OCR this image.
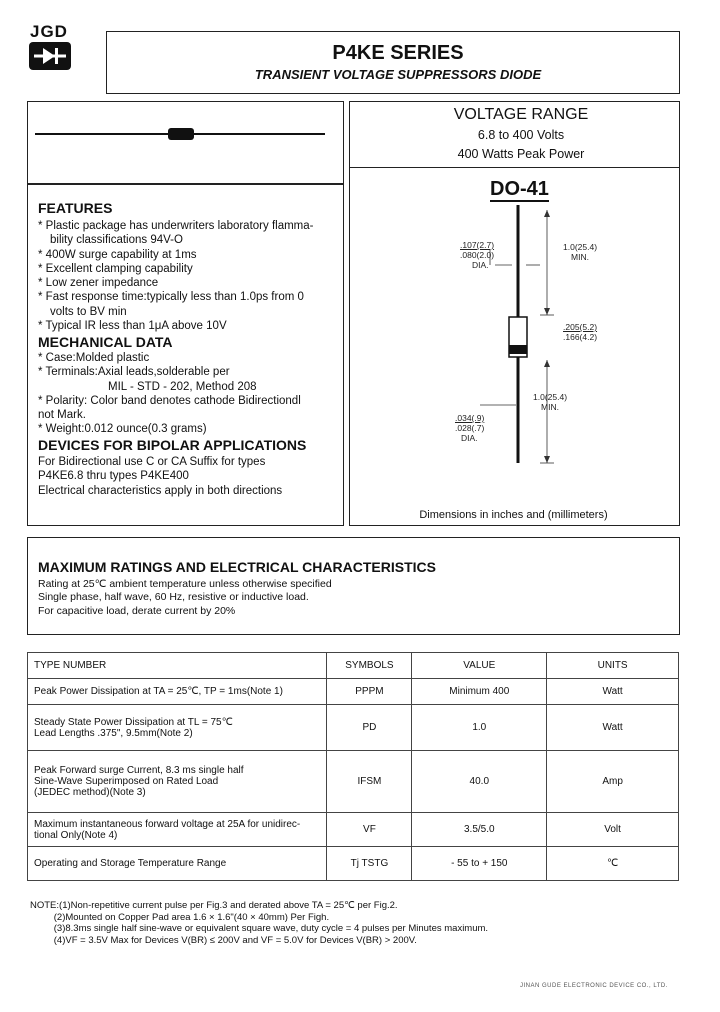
JGD
P4KE SERIES
TRANSIENT VOLTAGE SUPPRESSORS DIODE
FEATURES
* Plastic package has underwriters laboratory flamma-
bility classifications 94V-O
* 400W surge capability at 1ms
* Excellent clamping capability
* Low zener impedance
* Fast response time:typically less than 1.0ps from 0
volts to BV min
* Typical IR less than 1μA above 10V
MECHANICAL DATA
* Case:Molded plastic
* Terminals:Axial leads,solderable per
MIL - STD - 202, Method 208
* Polarity: Color band denotes cathode Bidirectiondl
not Mark.
* Weight:0.012 ounce(0.3 grams)
DEVICES FOR BIPOLAR APPLICATIONS
For Bidirectional use C or CA Suffix for types
P4KE6.8 thru types P4KE400
Electrical characteristics apply in both directions
VOLTAGE RANGE
6.8 to 400 Volts
400 Watts Peak Power
DO-41
.107(2.7)
.080(2.0)
DIA.
1.0(25.4)
MIN.
.205(5.2)
.166(4.2)
1.0(25.4)
MIN.
.034(.9)
.028(.7)
DIA.
Dimensions in inches and (millimeters)
MAXIMUM RATINGS AND ELECTRICAL CHARACTERISTICS
Rating at 25℃ ambient temperature unless otherwise specified
Single phase, half wave, 60 Hz, resistive or inductive load.
For capacitive load, derate current by 20%
TYPE NUMBER	SYMBOLS	VALUE	UNITS
Peak Power Dissipation at TA = 25℃, TP = 1ms(Note 1)	PPPM	Minimum 400	Watt

Steady State Power Dissipation at TL = 75℃
Lead Lengths .375", 9.5mm(Note 2)	PD	1.0	Watt

Peak Forward surge Current, 8.3 ms single half
Sine-Wave Superimposed on Rated Load
(JEDEC method)(Note 3)	IFSM	40.0	Amp

Maximum instantaneous forward voltage at 25A for unidirec-
tional Only(Note 4)	VF	3.5/5.0	Volt
Operating and Storage Temperature Range	Tj TSTG	- 55 to + 150	℃
NOTE:(1)Non-repetitive current pulse per Fig.3 and derated above TA = 25℃ per Fig.2.
(2)Mounted on Copper Pad area 1.6 × 1.6"(40 × 40mm) Per Figh.
(3)8.3ms single half sine-wave or equivalent square wave, duty cycle = 4 pulses per Minutes maximum.
(4)VF = 3.5V Max for Devices V(BR) ≤ 200V and VF = 5.0V for Devices V(BR) > 200V.
JINAN GUDE ELECTRONIC DEVICE CO., LTD.
